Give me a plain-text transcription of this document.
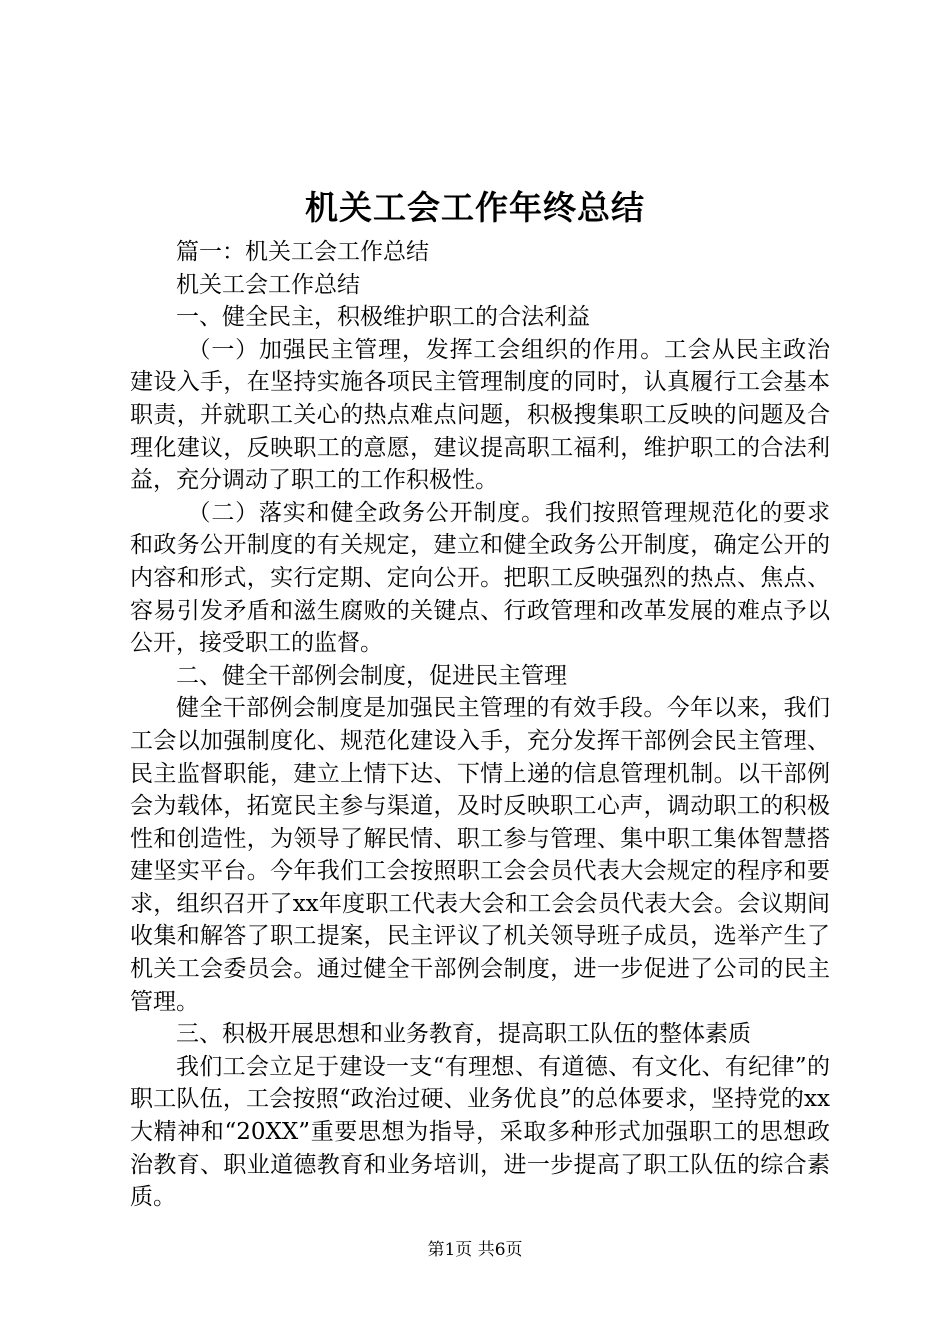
机关工会工作年终总结

篇一：机关工会工作总结

机关工会工作总结

一、健全民主，积极维护职工的合法利益

（一）加强民主管理，发挥工会组织的作用。工会从民主政治建设入手，在坚持实施各项民主管理制度的同时，认真履行工会基本职责，并就职工关心的热点难点问题，积极搜集职工反映的问题及合理化建议，反映职工的意愿，建议提高职工福利，维护职工的合法利益，充分调动了职工的工作积极性。

（二）落实和健全政务公开制度。我们按照管理规范化的要求和政务公开制度的有关规定，建立和健全政务公开制度，确定公开的内容和形式，实行定期、定向公开。把职工反映强烈的热点、焦点、容易引发矛盾和滋生腐败的关键点、行政管理和改革发展的难点予以公开，接受职工的监督。

二、健全干部例会制度，促进民主管理

健全干部例会制度是加强民主管理的有效手段。今年以来，我们工会以加强制度化、规范化建设入手，充分发挥干部例会民主管理、民主监督职能，建立上情下达、下情上递的信息管理机制。以干部例会为载体，拓宽民主参与渠道，及时反映职工心声，调动职工的积极性和创造性，为领导了解民情、职工参与管理、集中职工集体智慧搭建坚实平台。今年我们工会按照职工会会员代表大会规定的程序和要求，组织召开了xx年度职工代表大会和工会会员代表大会。会议期间收集和解答了职工提案，民主评议了机关领导班子成员，选举产生了机关工会委员会。通过健全干部例会制度，进一步促进了公司的民主管理。

三、积极开展思想和业务教育，提高职工队伍的整体素质

我们工会立足于建设一支“有理想、有道德、有文化、有纪律”的职工队伍，工会按照“政治过硬、业务优良”的总体要求，坚持党的xx大精神和“20XX”重要思想为指导，采取多种形式加强职工的思想政治教育、职业道德教育和业务培训，进一步提高了职工队伍的综合素质。

第1页 共6页
